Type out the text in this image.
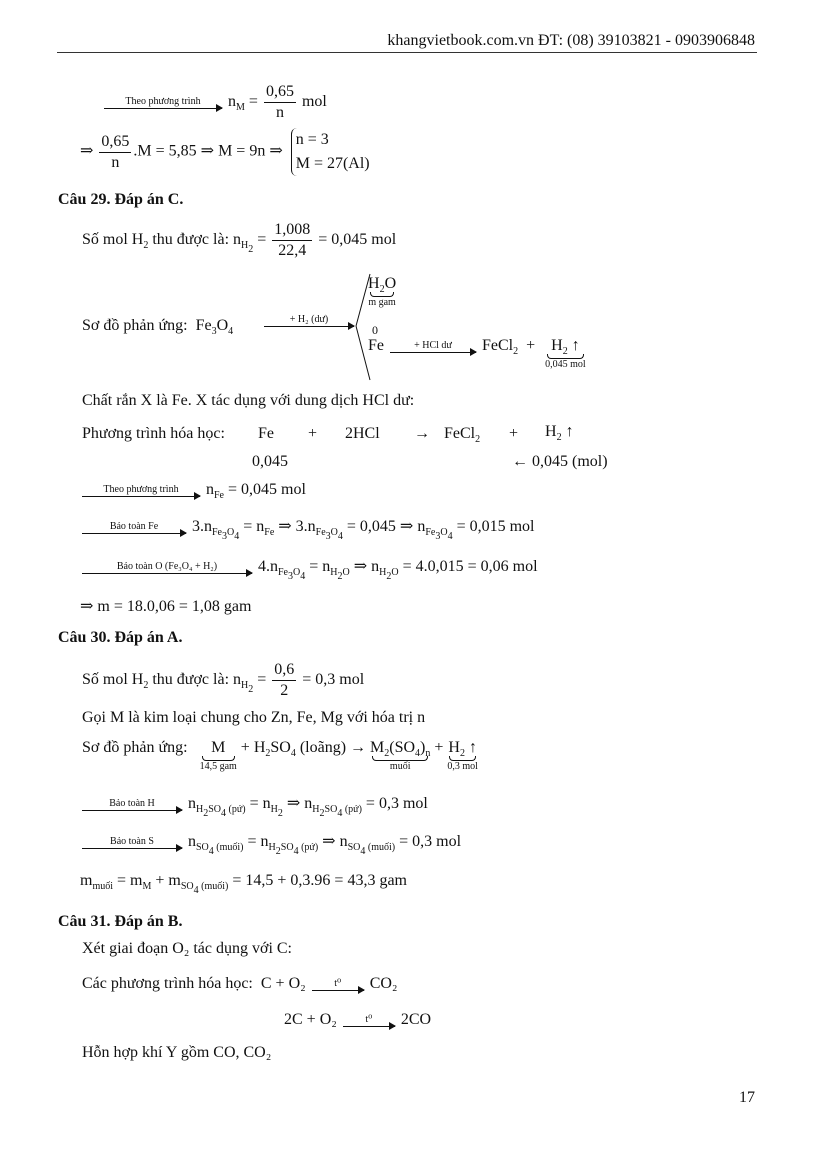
khangvietbook.com.vn ĐT: (08) 39103821 - 0903906848
Theo phương trình	$n_M = \frac{0,65}{n}$ mol
⇒ $\frac{0,65}{n} .M = 5,85$ ⇒ M = 9n ⇒
n = 3
M = 27(Al)
Câu 29. Đáp án C.
Số mol $H_2$ thu được là: $n_{H_2} = \frac{1,008}{22,4} = 0,045$ mol
Sơ đồ phản ứng: $Fe_3O_4$
+ H₂ (dư)
$H_2O$
m gam
0
Fe	+ HCl dư	FeCl$_2$  + $H_2$ ↑
0,045 mol
Chất rắn X là Fe. X tác dụng với dung dịch HCl dư:
Phương trình hóa học: Fe + 2HCl → FeCl$_2$ + $H_2$ ↑
0,045	← 0,045 (mol)
Theo phương trình	$n_{Fe} = 0,045$ mol
Bảo toàn Fe	$3.n_{Fe_3O_4} = n_{Fe}$ ⇒ $3.n_{Fe_3O_4} = 0,045$ ⇒ $n_{Fe_3O_4} = 0,015$ mol
Bảo toàn O (Fe₃O₄ + H₂)	$4.n_{Fe_3O_4} = n_{H_2O}$ ⇒ $n_{H_2O} = 4.0,015 = 0,06$ mol
⇒ m = 18.0,06 = 1,08 gam
Câu 30. Đáp án A.
Số mol $H_2$ thu được là: $n_{H_2} = \frac{0,6}{2} = 0,3$ mol
Gọi M là kim loại chung cho Zn, Fe, Mg với hóa trị n
Sơ đồ phản ứng: M
14,5 gam
+ $H_2SO_4$ (loãng) → $M_2(SO_4)_n$
muối
+ $H_2$ ↑
0,3 mol
Bảo toàn H	$n_{H_2SO_4 (pứ)} = n_{H_2}$ ⇒ $n_{H_2SO_4 (pứ)} = 0,3$ mol
Bảo toàn S	$n_{SO_4 (muối)} = n_{H_2SO_4 (pứ)}$ ⇒ $n_{SO_4 (muối)} = 0,3$ mol
$m_{muối} = m_M + m_{SO_4 (muối)} = 14,5 + 0,3.96 = 43,3$ gam
Câu 31. Đáp án B.
Xét giai đoạn O₂ tác dụng với C:
Các phương trình hóa học: C + O₂	t⁰	CO₂
2C + O₂	t⁰	2CO
Hỗn hợp khí Y gồm CO, CO₂
17
